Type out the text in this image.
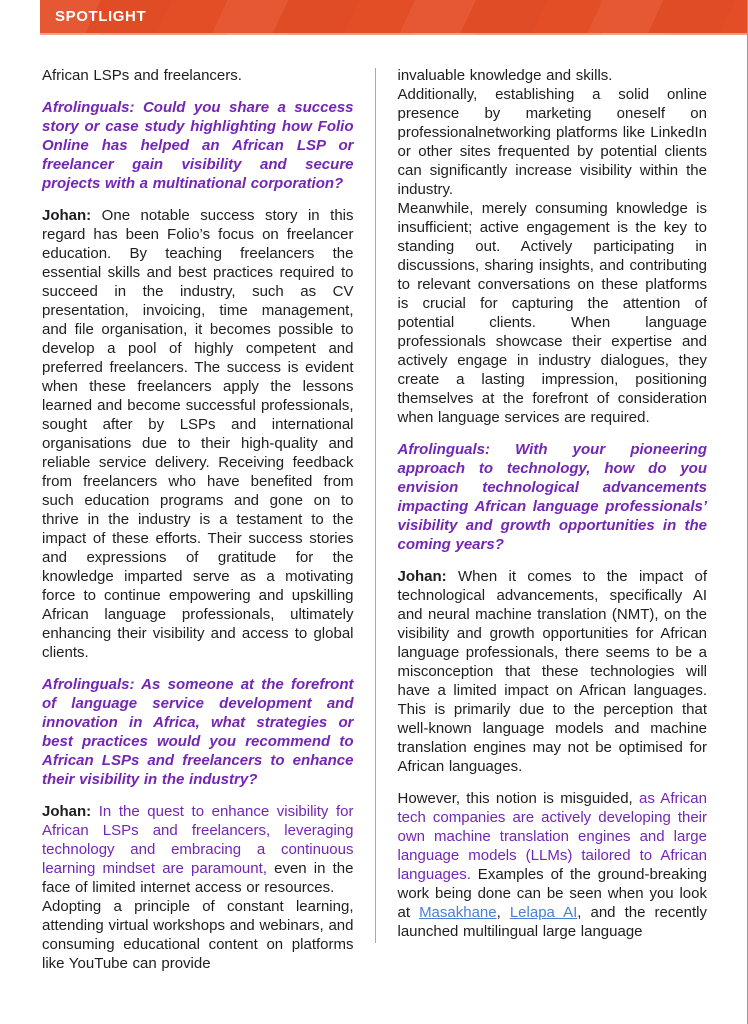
SPOTLIGHT

African LSPs and freelancers.

Afrolinguals: Could you share a success story or case study highlighting how Folio Online has helped an African LSP or freelancer gain visibility and secure projects with a multinational corporation?

Johan: One notable success story in this regard has been Folio’s focus on freelancer education. By teaching freelancers the essential skills and best practices required to succeed in the industry, such as CV presentation, invoicing, time management, and file organisation, it becomes possible to develop a pool of highly competent and preferred freelancers. The success is evident when these freelancers apply the lessons learned and become successful professionals, sought after by LSPs and international organisations due to their high-quality and reliable service delivery. Receiving feedback from freelancers who have benefited from such education programs and gone on to thrive in the industry is a testament to the impact of these efforts. Their success stories and expressions of gratitude for the knowledge imparted serve as a motivating force to continue empowering and upskilling African language professionals, ultimately enhancing their visibility and access to global clients.

Afrolinguals: As someone at the forefront of language service development and innovation in Africa, what strategies or best practices would you recommend to African LSPs and freelancers to enhance their visibility in the industry?

Johan: In the quest to enhance visibility for African LSPs and freelancers, leveraging technology and embracing a continuous learning mindset are paramount, even in the face of limited internet access or resources.

Adopting a principle of constant learning, attending virtual workshops and webinars, and consuming educational content on platforms like YouTube can provide

invaluable knowledge and skills.

Additionally, establishing a solid online presence by marketing oneself on professionalnetworking platforms like LinkedIn or other sites frequented by potential clients can significantly increase visibility within the industry.

Meanwhile, merely consuming knowledge is insufficient; active engagement is the key to standing out. Actively participating in discussions, sharing insights, and contributing to relevant conversations on these platforms is crucial for capturing the attention of potential clients. When language professionals showcase their expertise and actively engage in industry dialogues, they create a lasting impression, positioning themselves at the forefront of consideration when language services are required.

Afrolinguals: With your pioneering approach to technology, how do you envision technological advancements impacting African language professionals’ visibility and growth opportunities in the coming years?

Johan: When it comes to the impact of technological advancements, specifically AI and neural machine translation (NMT), on the visibility and growth opportunities for African language professionals, there seems to be a misconception that these technologies will have a limited impact on African languages. This is primarily due to the perception that well-known language models and machine translation engines may not be optimised for African languages.

However, this notion is misguided, as African tech companies are actively developing their own machine translation engines and large language models (LLMs) tailored to African languages. Examples of the ground-breaking work being done can be seen when you look at Masakhane, Lelapa AI, and the recently launched multilingual large language
